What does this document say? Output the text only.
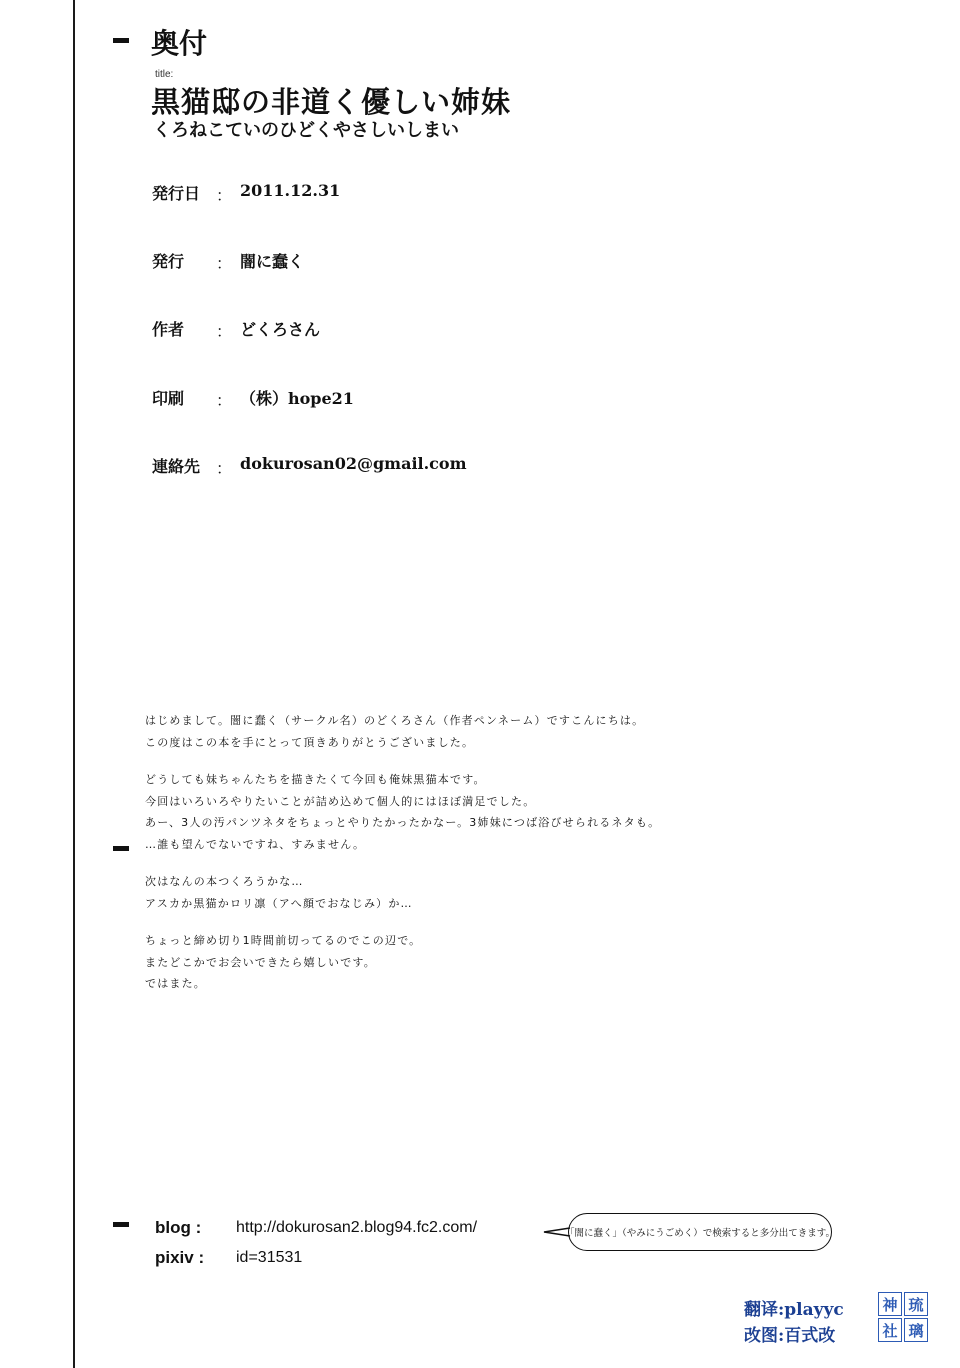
奥付
title:
黒猫邸の非道く優しい姉妹
くろねこていのひどくやさしいしまい
発行日 ： 2011.12.31
発行	： 闇に蠢く
作者	： どくろさん
印刷	： （株）hope21
連絡先 ： dokurosan02@gmail.com
はじめまして。闇に蠢く（サークル名）のどくろさん（作者ペンネーム）ですこんにちは。
この度はこの本を手にとって頂きありがとうございました。
どうしても妹ちゃんたちを描きたくて今回も俺妹黒猫本です。
今回はいろいろやりたいことが詰め込めて個人的にはほぼ満足でした。
あー、3人の汚パンツネタをちょっとやりたかったかなー。3姉妹につば浴びせられるネタも。
…誰も望んでないですね、すみません。
次はなんの本つくろうかな…
アスカか黒猫かロリ凛（アへ顔でおなじみ）か…
ちょっと締め切り1時間前切ってるのでこの辺で。
またどこかでお会いできたら嬉しいです。
ではまた。
blog : http://dokurosan2.blog94.fc2.com/
pixiv : id=31531
「闇に蠢く」（やみにうごめく）で検索すると多分出てきます。
翻译:playyc
改图:百式改
神 琉
社 璃
